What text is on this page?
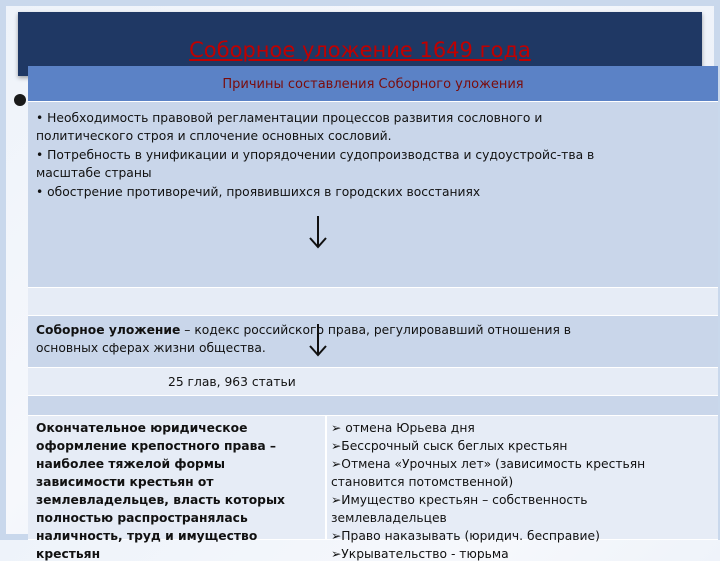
Соборное уложение 1649 года
Причины составления Соборного уложения
• Необходимость правовой регламентации процессов развития сословного и
политического строя и сплочение основных сословий.
• Потребность в унификации и упорядочении судопроизводства и судоустройс-тва в
масштабе страны
• обострение противоречий, проявившихся в городских восстаниях
Соборное уложение – кодекс российского права, регулировавший отношения в
основных сферах жизни общества.
25 глав, 963 статьи
Окончательное юридическое
оформление крепостного права –
наиболее тяжелой формы
зависимости крестьян от
землевладельцев, власть которых
полностью распространялась
наличность, труд и имущество
крестьян
➢ отмена Юрьева дня
➢Бессрочный сыск беглых крестьян
➢Отмена «Урочных лет» (зависимость крестьян
становится потомственной)
➢Имущество крестьян – собственность
землевладельцев
➢Право наказывать (юридич. бесправие)
➢Укрывательство - тюрьма
